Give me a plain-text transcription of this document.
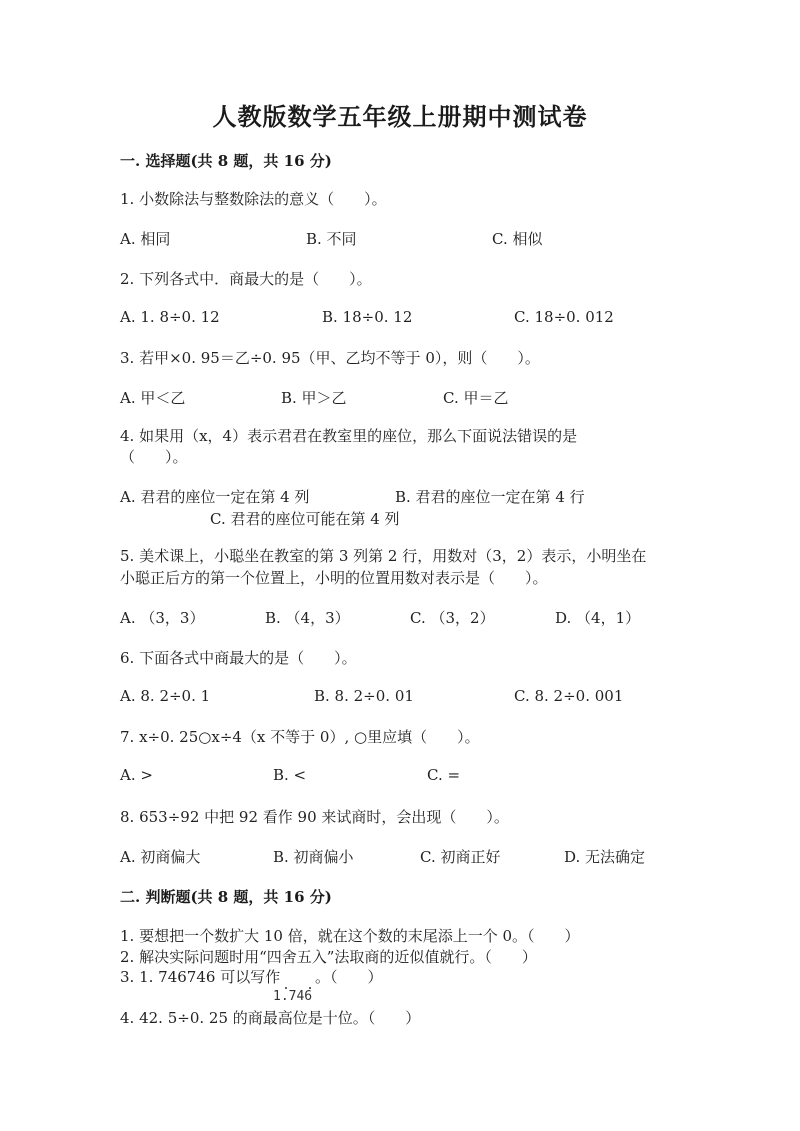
人教版数学五年级上册期中测试卷
一. 选择题(共 8 题，共 16 分)
1. 小数除法与整数除法的意义（　　）。
A. 相同	B. 不同	C. 相似
2. 下列各式中．商最大的是（　　）。
A. 1. 8÷0. 12	B. 18÷0. 12	C. 18÷0. 012
3. 若甲×0. 95＝乙÷0. 95（甲、乙均不等于 0），则（　　）。
A. 甲＜乙	B. 甲＞乙	C. 甲＝乙
4. 如果用（x，4）表示君君在教室里的座位，那么下面说法错误的是
（　　）。
A. 君君的座位一定在第 4 列	B. 君君的座位一定在第 4 行
C. 君君的座位可能在第 4 列
5. 美术课上，小聪坐在教室的第 3 列第 2 行，用数对（3，2）表示，小明坐在
小聪正后方的第一个位置上，小明的位置用数对表示是（　　）。
A. （3，3）	B. （4，3）	C. （3，2）	D. （4，1）
6. 下面各式中商最大的是（　　）。
A. 8. 2÷0. 1	B. 8. 2÷0. 01	C. 8. 2÷0. 001
7. x÷0. 25○x÷4（x 不等于 0）, ○里应填（　　）。
A. >	B. <	C. =
8. 653÷92 中把 92 看作 90 来试商时，会出现（　　）。
A. 初商偏大	B. 初商偏小	C. 初商正好	D. 无法确定
二. 判断题(共 8 题，共 16 分)
1. 要想把一个数扩大 10 倍，就在这个数的末尾添上一个 0。（　　）
2. 解决实际问题时用“四舍五入”法取商的近似值就行。（　　）
3. 1. 746746 可以写作　　 。（　　）
1.746
4. 42. 5÷0. 25 的商最高位是十位。（　　）
